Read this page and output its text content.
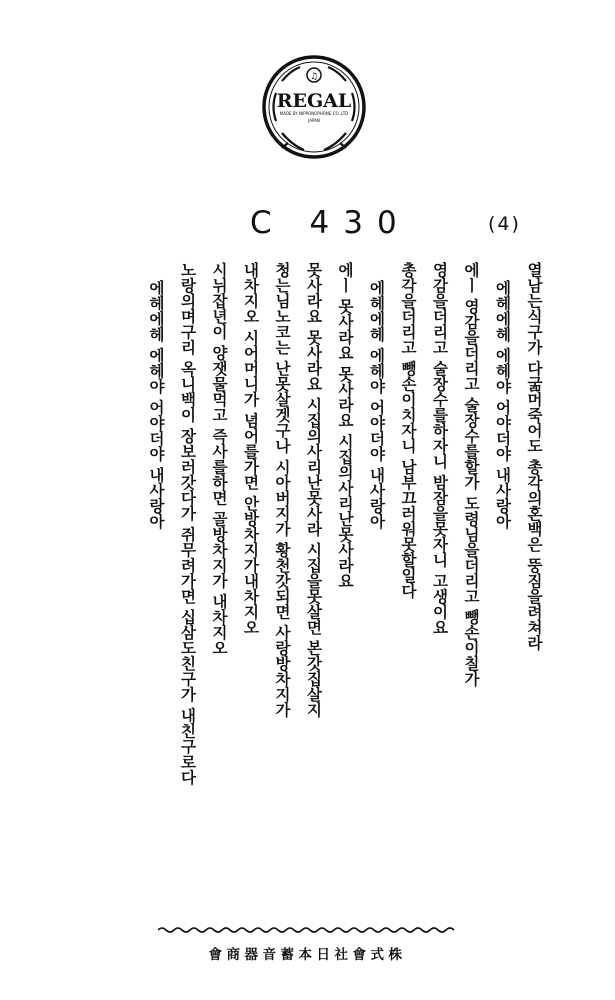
♫
REGAL
MADE BY NIPPONOPHONE CO.,LTD
JAPAN
C 430	(4)
열남는식구가 다굶머죽어도 총각의혼백은 뚱짐을려쳐라
에헤에헤 에헤야 어야더야 내사랑아
에ㅣ 영감을더리고 술장수를할가 도령님을더리고 뺑손이칠가
영감을더리고 술장수를하자니 밤잠을못자니 고생이요
총각을더리고 뺑손이치자니 남부끄러워못할일다
에헤에헤 에헤야 어야더야 내사랑아
에ㅣ 못사라요 못사라요 시집의사리난못사라요
못사라요 못사라요 시집의사리난못사라 시집을못살면 본갓집살지
청는님노코는 난못살겟구나 시아버지가 황천갓되면 사랑방차지가
내차지오 시어머니가 념어를가면 안방차지가내차지오
시뉘잡년이 양잿물먹고 즉사를하면 골방차지가 내차지오
노랑의며구리 옥니백이 장보러갓다가 쥐무려가면 십삼도친구가 내친구로다
에헤에헤 에헤야 어야더야 내사랑아
會商器音蓄本日社會式株
